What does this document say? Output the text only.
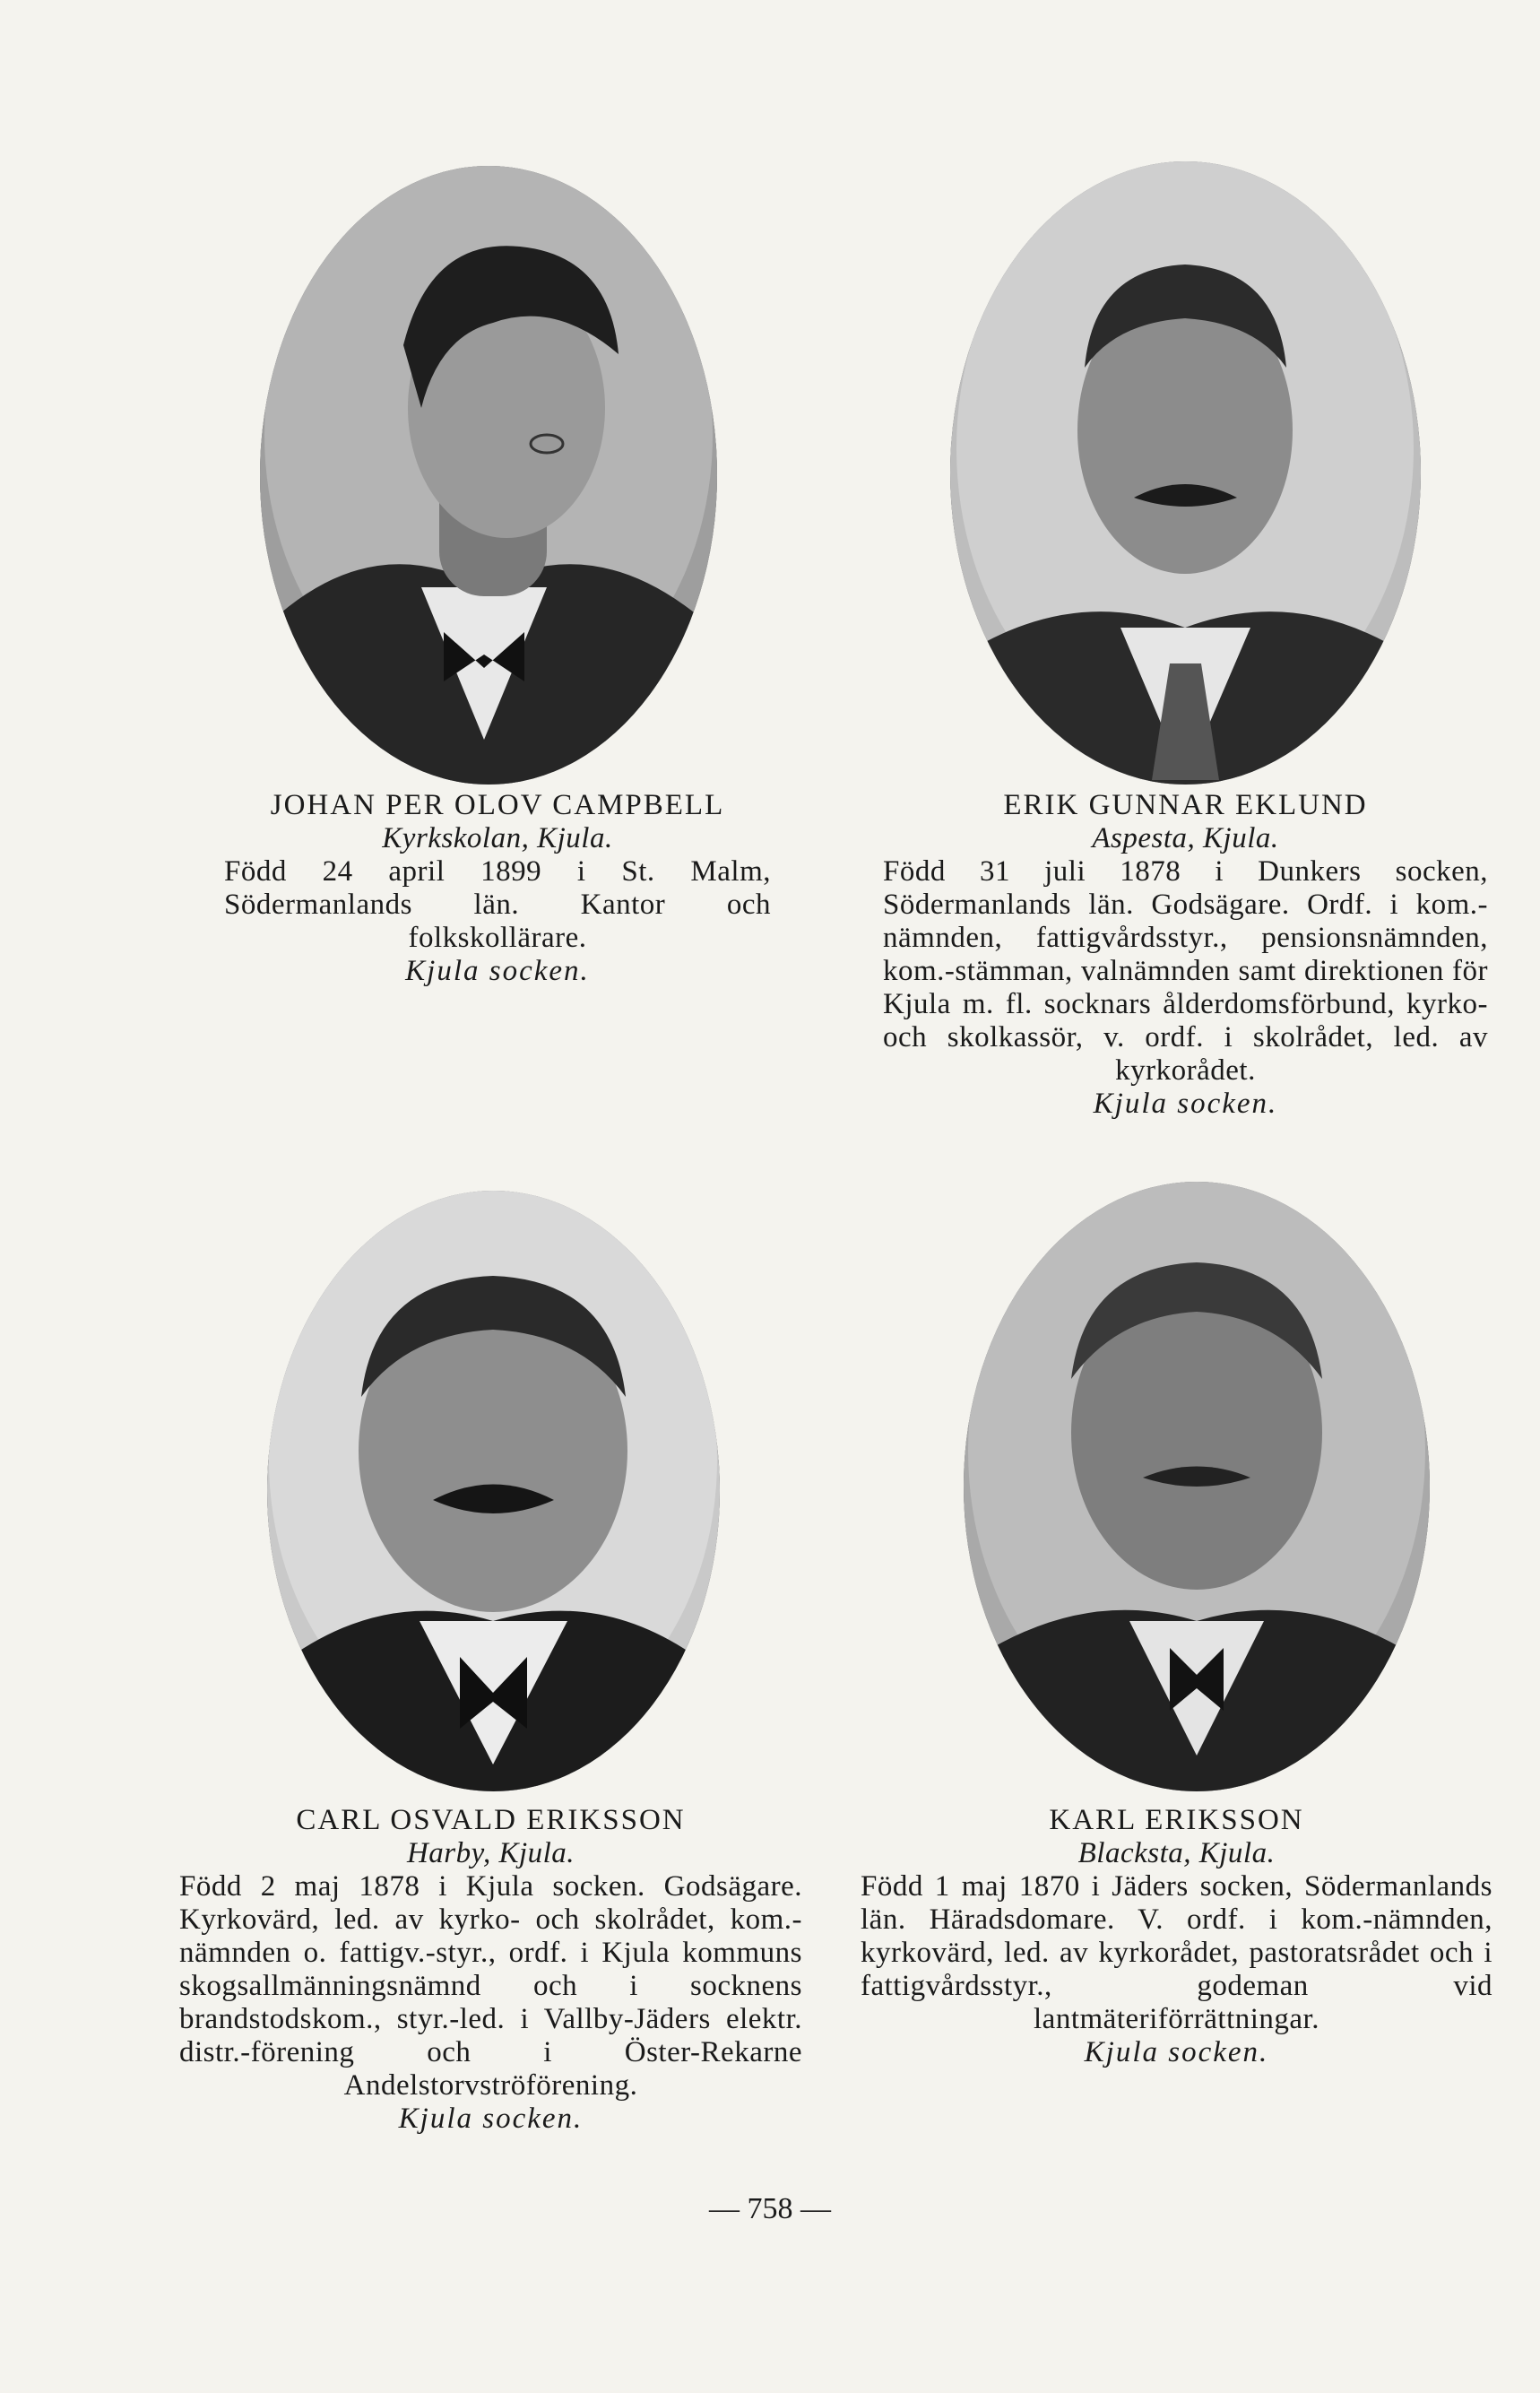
JOHAN PER OLOV CAMPBELL
Kyrkskolan, Kjula.
Född 24 april 1899 i St. Malm, Södermanlands län. Kantor och folkskollärare.
Kjula socken.
ERIK GUNNAR EKLUND
Aspesta, Kjula.
Född 31 juli 1878 i Dunkers socken, Södermanlands län. Godsägare. Ordf. i kom.-nämnden, fattigvårdsstyr., pensionsnämnden, kom.-stämman, valnämnden samt direktionen för Kjula m. fl. socknars ålderdomsförbund, kyrko- och skolkassör, v. ordf. i skolrådet, led. av kyrkorådet.
Kjula socken.
CARL OSVALD ERIKSSON
Harby, Kjula.
Född 2 maj 1878 i Kjula socken. Godsägare. Kyrkovärd, led. av kyrko- och skolrådet, kom.-nämnden o. fattigv.-styr., ordf. i Kjula kommuns skogsallmänningsnämnd och i socknens brandstodskom., styr.-led. i Vallby-Jäders elektr. distr.-förening och i Öster-Rekarne Andelstorvströförening.
Kjula socken.
KARL ERIKSSON
Blacksta, Kjula.
Född 1 maj 1870 i Jäders socken, Södermanlands län. Häradsdomare. V. ordf. i kom.-nämnden, kyrkovärd, led. av kyrkorådet, pastoratsrådet och i fattigvårdsstyr., godeman vid lantmäteriförrättningar.
Kjula socken.
— 758 —
